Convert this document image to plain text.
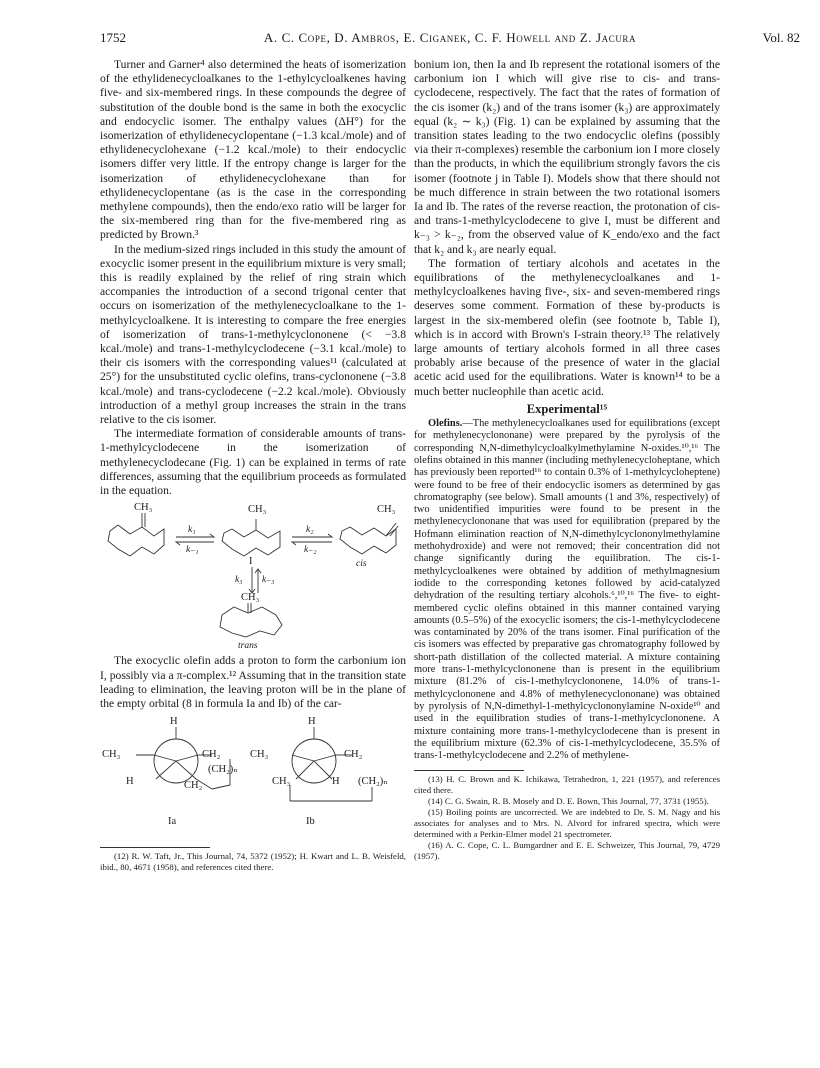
1752	A. C. Cope, D. Ambros, E. Ciganek, C. F. Howell and Z. Jacura	Vol. 82

Turner and Garner⁴ also determined the heats of isomerization of the ethylidenecycloalkanes to the 1-ethylcycloalkenes having five- and six-membered rings. In these compounds the degree of substitution of the double bond is the same in both the exocyclic and endocyclic isomer. The enthalpy values (ΔH°) for the isomerization of ethylidenecyclopentane (−1.3 kcal./mole) and of ethylidenecyclohexane (−1.2 kcal./mole) to their endocyclic isomers differ very little. If the entropy change is larger for the isomerization of ethylidenecyclohexane than for ethylidenecyclopentane (as is the case in the corresponding methylene compounds), then the endo/exo ratio will be larger for the six-membered ring than for the five-membered ring as predicted by Brown.³

In the medium-sized rings included in this study the amount of exocyclic isomer present in the equilibrium mixture is very small; this is readily explained by the relief of ring strain which accompanies the introduction of a second trigonal center that occurs on isomerization of the methylenecycloalkane to the 1-methylcycloalkene. It is interesting to compare the free energies of isomerization of trans-1-methylcyclononene (< −3.8 kcal./mole) and trans-1-methylcyclodecene (−3.1 kcal./mole) to their cis isomers with the corresponding values¹¹ (calculated at 25°) for the unsubstituted cyclic olefins, trans-cyclononene (−3.8 kcal./mole) and trans-cyclodecene (−2.2 kcal./mole). Obviously introduction of a methyl group increases the strain in the trans relative to the cis isomer.

The intermediate formation of considerable amounts of trans-1-methylcyclodecene in the isomerization of methylenecyclodecane (Fig. 1) can be explained in terms of rate differences, assuming that the equilibrium proceeds as formulated in the equation.

CH₃	CH₃	CH₃
k₁
k₋₁
k₂
k₋₂
I	cis
k₃ k₋₃
CH₃
trans

The exocyclic olefin adds a proton to form the carbonium ion I, possibly via a π-complex.¹² Assuming that in the transition state leading to elimination, the leaving proton will be in the plane of the empty orbital (8 in formula Ia and Ib) of the car-

H	H
CH₃	CH₂
(CH₂)ₙ
H	CH₂
CH₃	CH₂
CH₃	H (CH₂)ₙ
Ia	Ib

(12) R. W. Taft, Jr., This Journal, 74, 5372 (1952); H. Kwart and L. B. Weisfeld, ibid., 80, 4671 (1958), and references cited there.

bonium ion, then Ia and Ib represent the rotational isomers of the carbonium ion I which will give rise to cis- and trans-cyclodecene, respectively. The fact that the rates of formation of the cis isomer (k₂) and of the trans isomer (k₃) are approximately equal (k₂ ∼ k₃) (Fig. 1) can be explained by assuming that the transition states leading to the two endocyclic olefins (possibly via their π-complexes) resemble the carbonium ion I more closely than the products, in which the equilibrium strongly favors the cis isomer (footnote j in Table I). Models show that there should not be much difference in strain between the two rotational isomers Ia and Ib. The rates of the reverse reaction, the protonation of cis- and trans-1-methylcyclodecene to give I, must be different and k₋₃ > k₋₂, from the observed value of K_endo/exo and the fact that k₂ and k₃ are nearly equal.

The formation of tertiary alcohols and acetates in the equilibrations of the methylenecycloalkanes and 1-methylcycloalkenes having five-, six- and seven-membered rings deserves some comment. Formation of these by-products is largest in the six-membered olefin (see footnote b, Table I), which is in accord with Brown's I-strain theory.¹³ The relatively large amounts of tertiary alcohols formed in all three cases probably arise because of the presence of water in the glacial acetic acid used for the equilibrations. Water is known¹⁴ to be a much better nucleophile than acetic acid.

Experimental¹⁵

Olefins.—The methylenecycloalkanes used for equilibrations (except for methylenecyclononane) were prepared by the pyrolysis of the corresponding N,N-dimethylcycloalkylmethylamine N-oxides.¹⁰,¹⁶ The olefins obtained in this manner (including methylenecycloheptane, which has previously been reported¹⁶ to contain 0.3% of 1-methylcycloheptene) were found to be free of their endocyclic isomers as determined by gas chromatography (see below). Small amounts (1 and 3%, respectively) of two unidentified impurities were found to be present in the methylenecyclononane that was used for equilibration (prepared by the Hofmann elimination reaction of N,N-dimethylcyclononylmethylamine methohydroxide) and were not removed; their concentration did not change significantly during the equilibration. The cis-1-methylcycloalkenes were obtained by addition of methylmagnesium iodide to the corresponding ketones followed by acid-catalyzed dehydration of the resulting tertiary alcohols.⁶,¹⁰,¹⁶ The five- to eight-membered cyclic olefins obtained in this manner contained varying amounts (0.5–5%) of the exocyclic isomers; the cis-1-methylcyclodecene was contaminated by 20% of the trans isomer. Final purification of the cis isomers was effected by preparative gas chromatography followed by short-path distillation of the collected material. A mixture containing more trans-1-methylcyclononene than is present in the equilibrium mixture (81.2% of cis-1-methylcyclononene, 14.0% of trans-1-methylcyclononene and 4.8% of methylenecyclononane) was obtained by pyrolysis of N,N-dimethyl-1-methylcyclononylamine N-oxide¹⁰ and used in the equilibration studies of trans-1-methylcyclononene. A mixture containing more trans-1-methylcyclodecene than is present in the equilibrium mixture (62.3% of cis-1-methylcyclodecene, 35.5% of trans-1-methylcyclodecene and 2.2% of methylene-

(13) H. C. Brown and K. Ichikawa, Tetrahedron, 1, 221 (1957), and references cited there.

(14) C. G. Swain, R. B. Mosely and D. E. Bown, This Journal, 77, 3731 (1955).

(15) Boiling points are uncorrected. We are indebted to Dr. S. M. Nagy and his associates for analyses and to Mrs. N. Alvord for infrared spectra, which were determined with a Perkin-Elmer model 21 spectrometer.

(16) A. C. Cope, C. L. Bumgardner and E. E. Schweizer, This Journal, 79, 4729 (1957).
